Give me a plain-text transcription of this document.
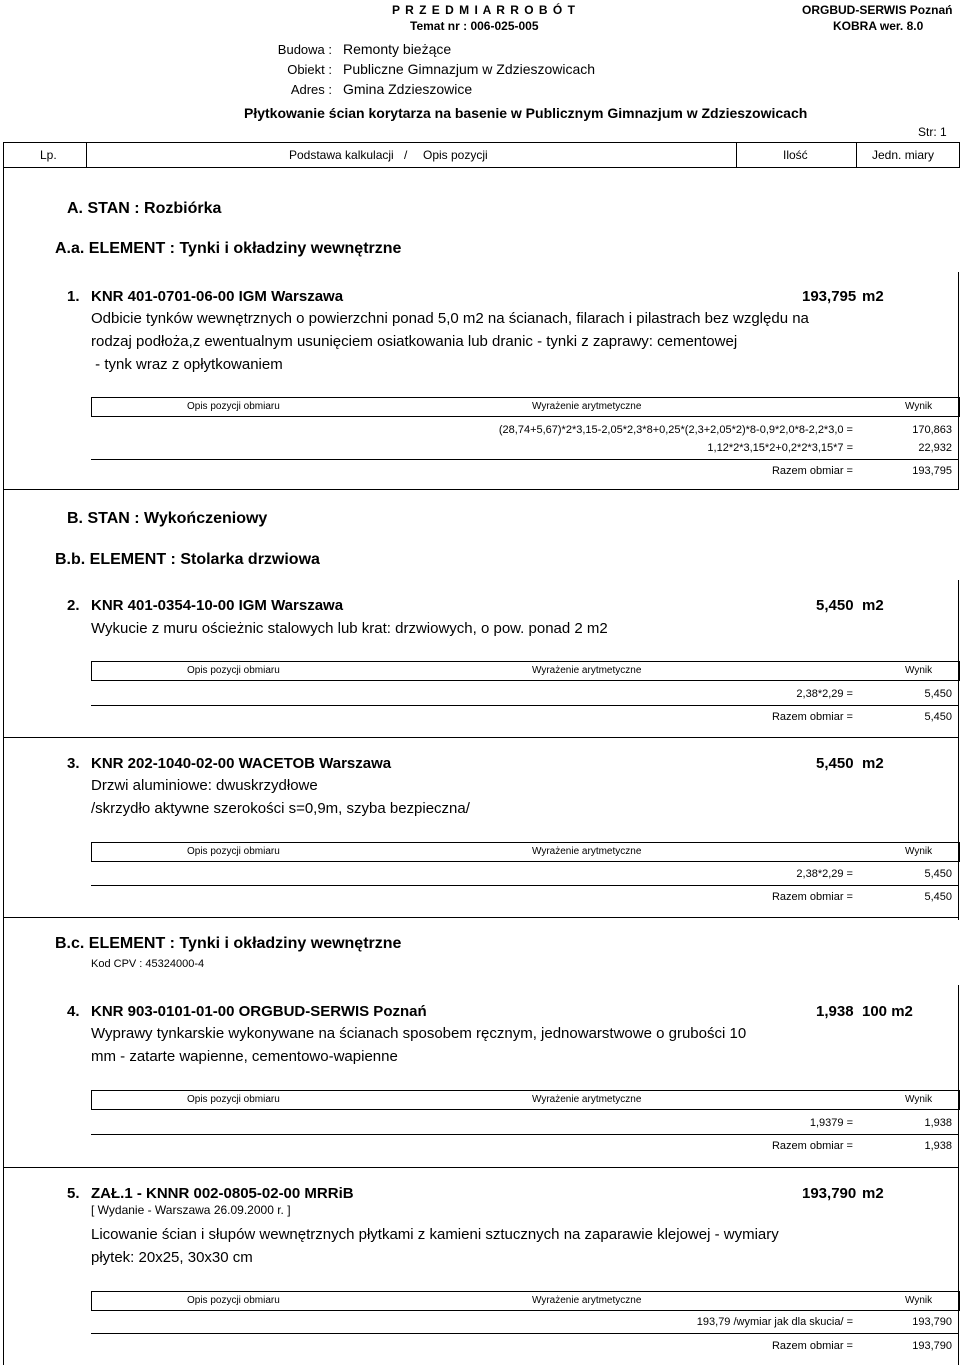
P R Z E D M I A R R O B Ó T
Temat nr : 006-025-005
ORGBUD-SERWIS Poznań
KOBRA wer. 8.0
Budowa : Remonty bieżące
Obiekt : Publiczne Gimnazjum w Zdzieszowicach
Adres : Gmina Zdzieszowice
Płytkowanie ścian korytarza na basenie w Publicznym Gimnazjum w Zdzieszowicach
Str: 1
Lp.	Podstawa kalkulacji / Opis pozycji	Ilość	Jedn. miary
A. STAN : Rozbiórka
A.a. ELEMENT : Tynki i okładziny wewnętrzne
1. KNR 401-0701-06-00 IGM Warszawa	193,795 m2
Odbicie tynków wewnętrznych o powierzchni ponad 5,0 m2 na ścianach, filarach i pilastrach bez względu na
rodzaj podłoża,z ewentualnym usunięciem osiatkowania lub dranic - tynki z zaprawy: cementowej
- tynk wraz z opłytkowaniem
Opis pozycji obmiaru	Wyrażenie arytmetyczne	Wynik
(28,74+5,67)*2*3,15-2,05*2,3*8+0,25*(2,3+2,05*2)*8-0,9*2,0*8-2,2*3,0 =	170,863
1,12*2*3,15*2+0,2*2*3,15*7 =	22,932
Razem obmiar =	193,795
B. STAN : Wykończeniowy
B.b. ELEMENT : Stolarka drzwiowa
2. KNR 401-0354-10-00 IGM Warszawa	5,450 m2
Wykucie z muru ościeżnic stalowych lub krat: drzwiowych, o pow. ponad 2 m2
Opis pozycji obmiaru	Wyrażenie arytmetyczne	Wynik
2,38*2,29 =	5,450
Razem obmiar =	5,450
3. KNR 202-1040-02-00 WACETOB Warszawa	5,450 m2
Drzwi aluminiowe: dwuskrzydłowe
/skrzydło aktywne szerokości s=0,9m, szyba bezpieczna/
Opis pozycji obmiaru	Wyrażenie arytmetyczne	Wynik
2,38*2,29 =	5,450
Razem obmiar =	5,450
B.c. ELEMENT : Tynki i okładziny wewnętrzne
Kod CPV : 45324000-4
4. KNR 903-0101-01-00 ORGBUD-SERWIS Poznań	1,938 100 m2
Wyprawy tynkarskie wykonywane na ścianach sposobem ręcznym, jednowarstwowe o grubości 10
mm - zatarte wapienne, cementowo-wapienne
Opis pozycji obmiaru	Wyrażenie arytmetyczne	Wynik
1,9379 =	1,938
Razem obmiar =	1,938
5. ZAŁ.1 - KNNR 002-0805-02-00 MRRiB	193,790 m2
[ Wydanie - Warszawa 26.09.2000 r. ]
Licowanie ścian i słupów wewnętrznych płytkami z kamieni sztucznych na zaparawie klejowej - wymiary
płytek: 20x25, 30x30 cm
Opis pozycji obmiaru	Wyrażenie arytmetyczne	Wynik
193,79 /wymiar jak dla skucia/ =	193,790
Razem obmiar =	193,790
